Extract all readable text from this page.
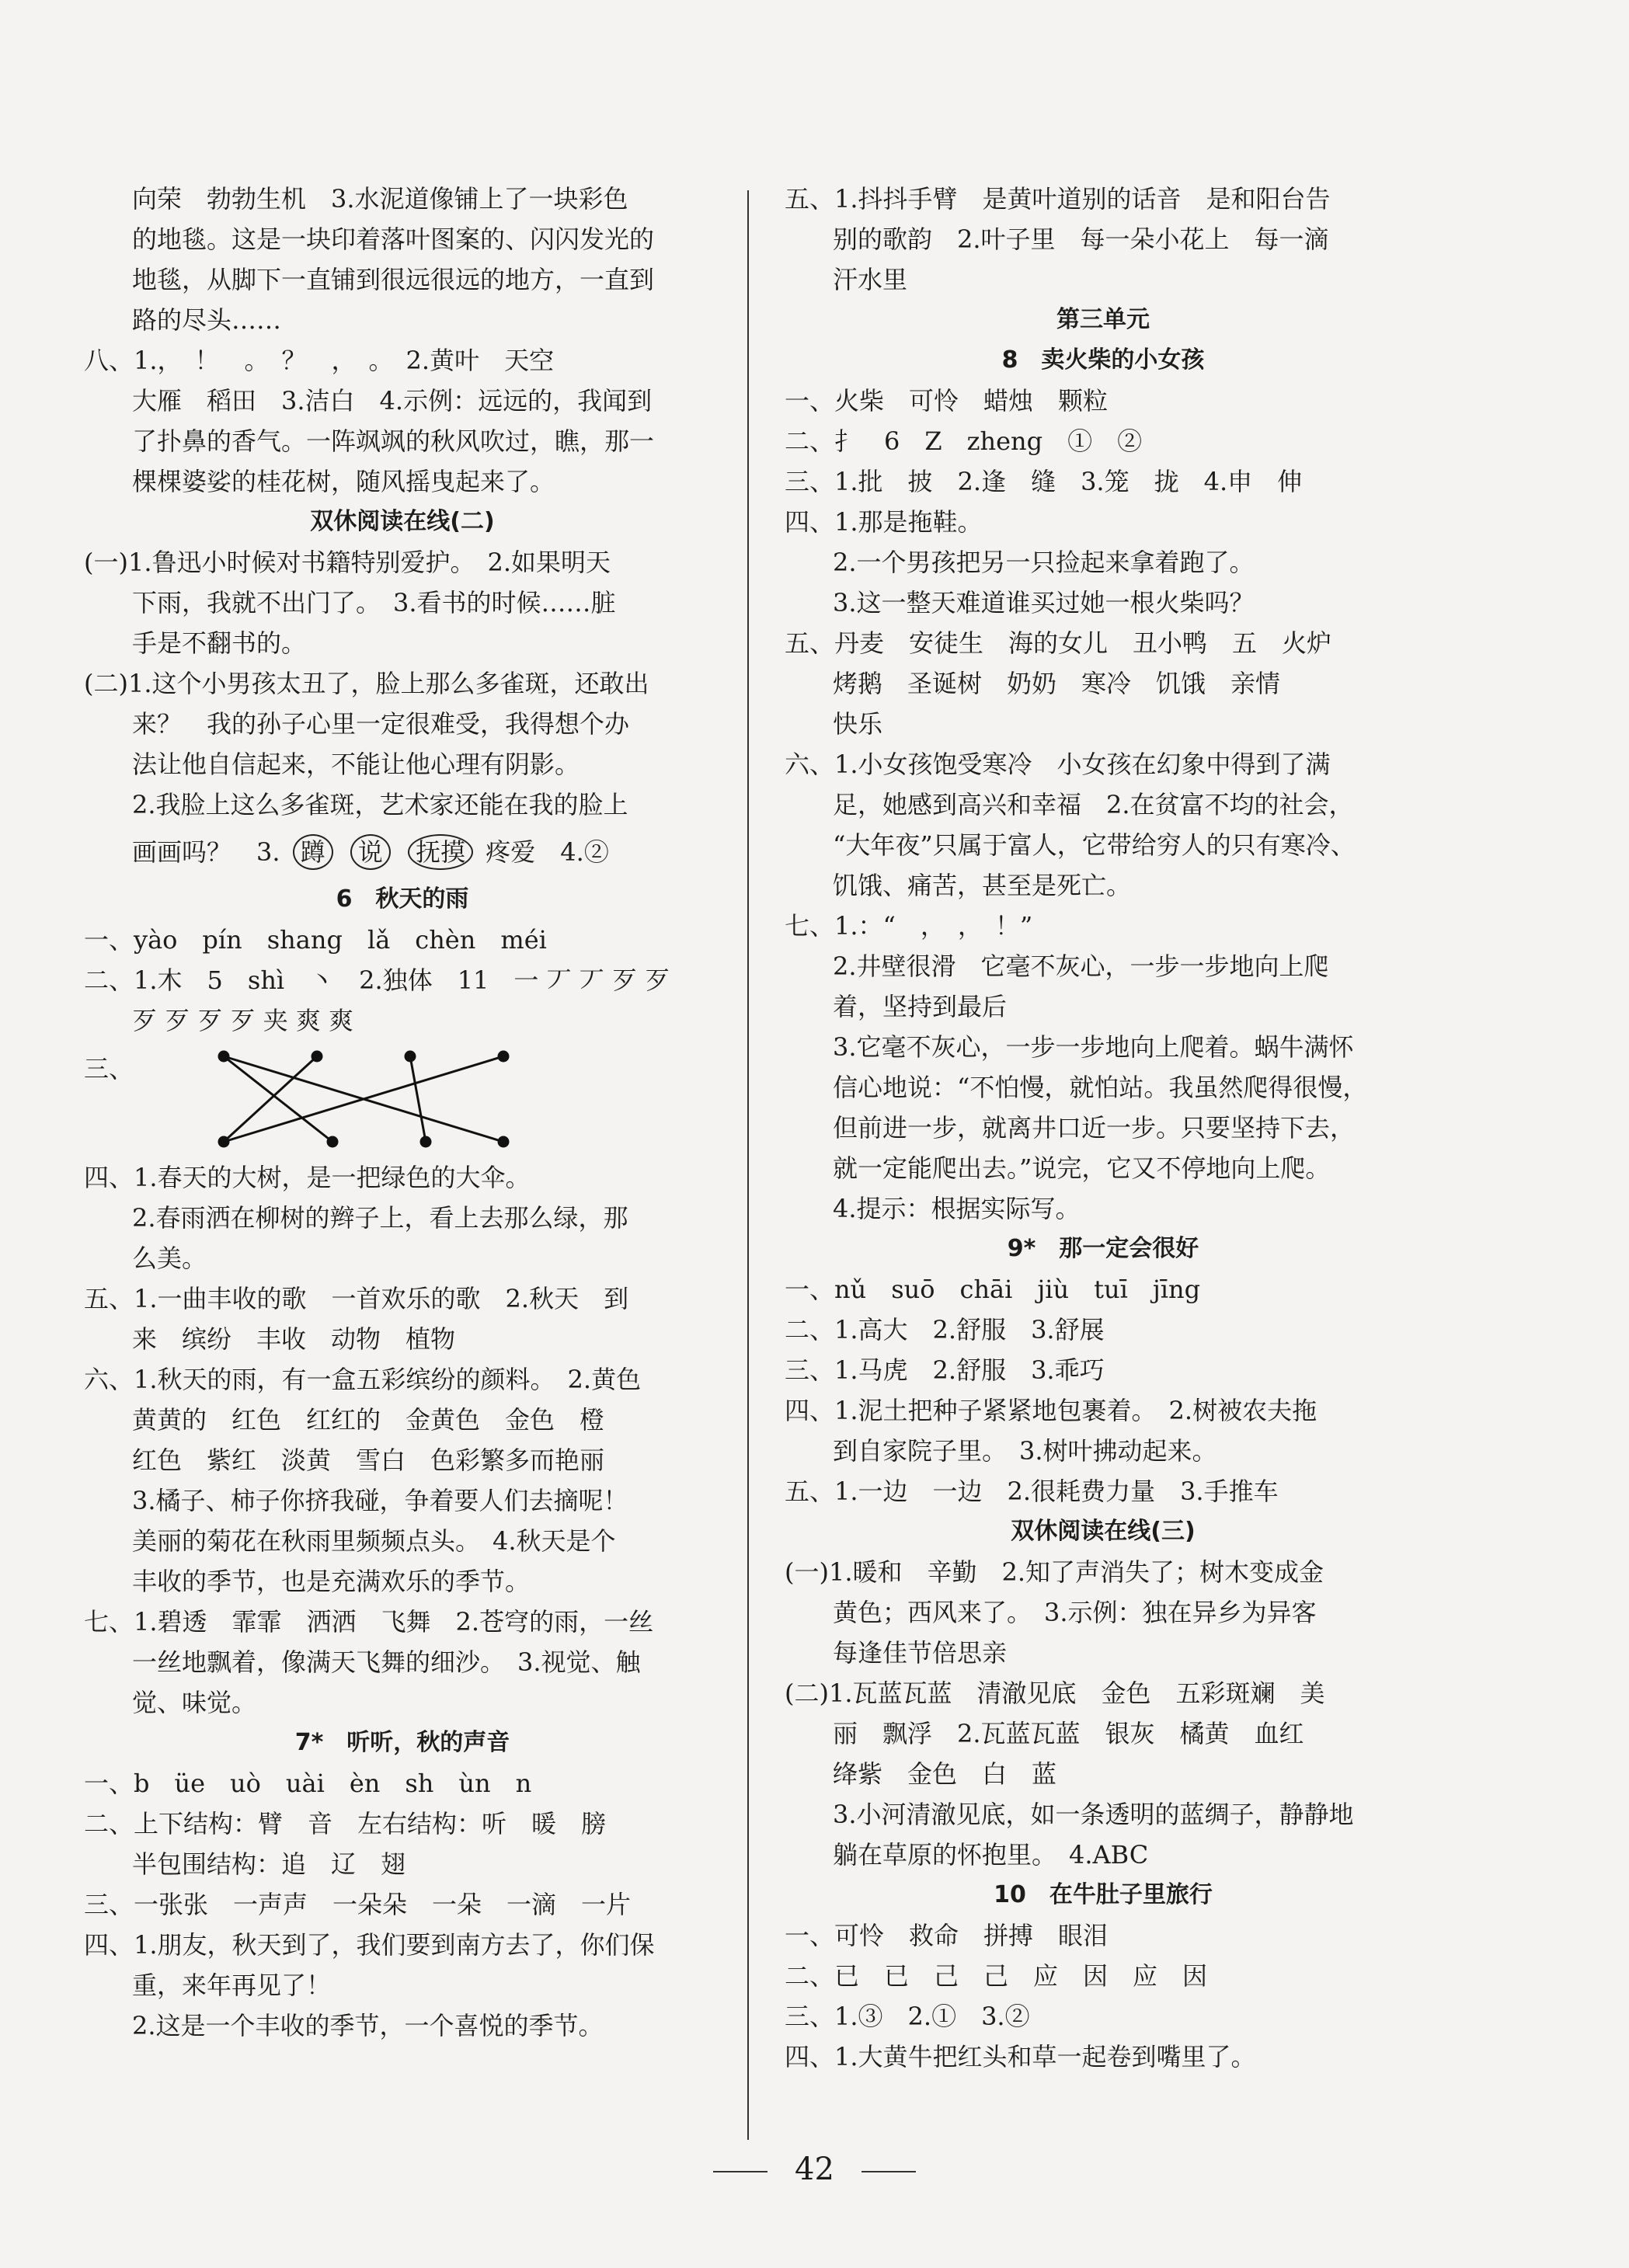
向荣　勃勃生机　3.水泥道像铺上了一块彩色
的地毯。这是一块印着落叶图案的、闪闪发光的
地毯，从脚下一直铺到很远很远的地方，一直到
路的尽头……
八、1.，　！　。　？　，　。　2.黄叶　天空
大雁　稻田　3.洁白　4.示例：远远的，我闻到
了扑鼻的香气。一阵飒飒的秋风吹过，瞧，那一
棵棵婆娑的桂花树，随风摇曳起来了。
双休阅读在线(二)
(一)1.鲁迅小时候对书籍特别爱护。　2.如果明天
下雨，我就不出门了。　3.看书的时候……脏
手是不翻书的。
(二)1.这个小男孩太丑了，脸上那么多雀斑，还敢出
来？　我的孙子心里一定很难受，我得想个办
法让他自信起来，不能让他心理有阴影。
2.我脸上这么多雀斑，艺术家还能在我的脸上
画画吗？　3. 蹲 说 抚摸 疼爱　4.②
6　秋天的雨
一、yào　pín　shang　lǎ　chèn　méi
二、1.木　5　shì　丶　2.独体　11　一 丆 丆 歹 歹
歹 歹 歹 歹 夹 爽 爽
三、
四、1.春天的大树，是一把绿色的大伞。
2.春雨洒在柳树的辫子上，看上去那么绿，那
么美。
五、1.一曲丰收的歌　一首欢乐的歌　2.秋天　到
来　缤纷　丰收　动物　植物
六、1.秋天的雨，有一盒五彩缤纷的颜料。　2.黄色
黄黄的　红色　红红的　金黄色　金色　橙
红色　紫红　淡黄　雪白　色彩繁多而艳丽
3.橘子、柿子你挤我碰，争着要人们去摘呢！
美丽的菊花在秋雨里频频点头。　4.秋天是个
丰收的季节，也是充满欢乐的季节。
七、1.碧透　霏霏　洒洒　飞舞　2.苍穹的雨，一丝
一丝地飘着，像满天飞舞的细沙。　3.视觉、触
觉、味觉。
7*　听听，秋的声音
一、b　üe　uò　uài　èn　sh　ùn　n
二、上下结构：臂　音　左右结构：听　暖　膀
半包围结构：追　辽　翅
三、一张张　一声声　一朵朵　一朵　一滴　一片
四、1.朋友，秋天到了，我们要到南方去了，你们保
重，来年再见了！
2.这是一个丰收的季节，一个喜悦的季节。
五、1.抖抖手臂　是黄叶道别的话音　是和阳台告
别的歌韵　2.叶子里　每一朵小花上　每一滴
汗水里
第三单元
8　卖火柴的小女孩
一、火柴　可怜　蜡烛　颗粒
二、扌　6　Z　zheng　①　②
三、1.批　披　2.逢　缝　3.笼　拢　4.申　伸
四、1.那是拖鞋。
2.一个男孩把另一只捡起来拿着跑了。
3.这一整天难道谁买过她一根火柴吗？
五、丹麦　安徒生　海的女儿　丑小鸭　五　火炉
烤鹅　圣诞树　奶奶　寒冷　饥饿　亲情
快乐
六、1.小女孩饱受寒冷　小女孩在幻象中得到了满
足，她感到高兴和幸福　2.在贫富不均的社会，
“大年夜”只属于富人，它带给穷人的只有寒冷、
饥饿、痛苦，甚至是死亡。
七、1.：“　，　，　！”
2.井壁很滑　它毫不灰心，一步一步地向上爬
着，坚持到最后
3.它毫不灰心，一步一步地向上爬着。蜗牛满怀
信心地说：“不怕慢，就怕站。我虽然爬得很慢，
但前进一步，就离井口近一步。只要坚持下去，
就一定能爬出去。”说完，它又不停地向上爬。
4.提示：根据实际写。
9*　那一定会很好
一、nǔ　suō　chāi　jiù　tuī　jīng
二、1.高大　2.舒服　3.舒展
三、1.马虎　2.舒服　3.乖巧
四、1.泥土把种子紧紧地包裹着。　2.树被农夫拖
到自家院子里。　3.树叶拂动起来。
五、1.一边　一边　2.很耗费力量　3.手推车
双休阅读在线(三)
(一)1.暖和　辛勤　2.知了声消失了；树木变成金
黄色；西风来了。　3.示例：独在异乡为异客
每逢佳节倍思亲
(二)1.瓦蓝瓦蓝　清澈见底　金色　五彩斑斓　美
丽　飘浮　2.瓦蓝瓦蓝　银灰　橘黄　血红
绛紫　金色　白　蓝
3.小河清澈见底，如一条透明的蓝绸子，静静地
躺在草原的怀抱里。　4.ABC
10　在牛肚子里旅行
一、可怜　救命　拼搏　眼泪
二、已　已　己　己　应　因　应　因
三、1.③　2.①　3.②
四、1.大黄牛把红头和草一起卷到嘴里了。
42
